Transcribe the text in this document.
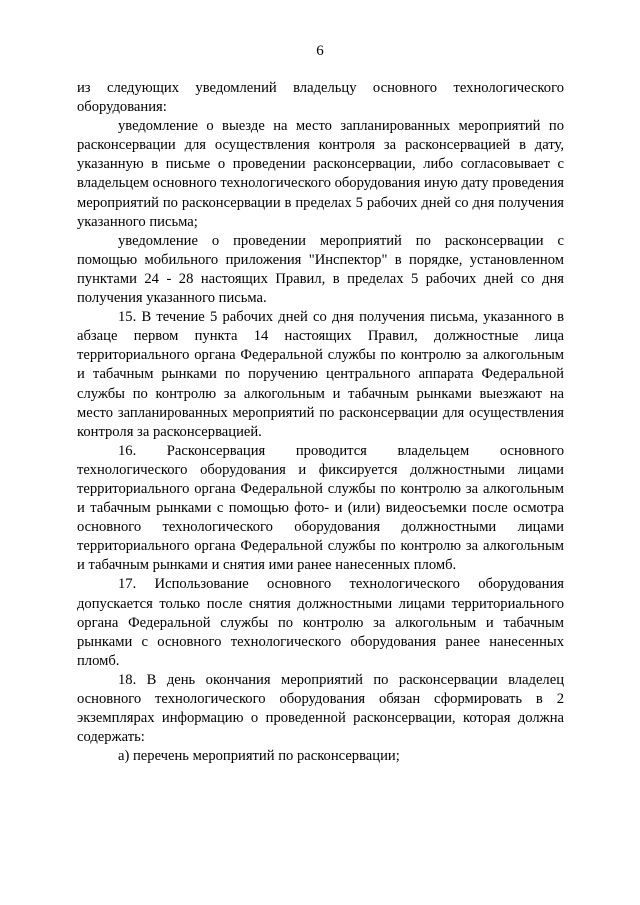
6

из следующих уведомлений владельцу основного технологического оборудования:

уведомление о выезде на место запланированных мероприятий по расконсервации для осуществления контроля за расконсервацией в дату, указанную в письме о проведении расконсервации, либо согласовывает с владельцем основного технологического оборудования иную дату проведения мероприятий по расконсервации в пределах 5 рабочих дней со дня получения указанного письма;

уведомление о проведении мероприятий по расконсервации с помощью мобильного приложения "Инспектор" в порядке, установленном пунктами 24 - 28 настоящих Правил, в пределах 5 рабочих дней со дня получения указанного письма.

15. В течение 5 рабочих дней со дня получения письма, указанного в абзаце первом пункта 14 настоящих Правил, должностные лица территориального органа Федеральной службы по контролю за алкогольным и табачным рынками по поручению центрального аппарата Федеральной службы по контролю за алкогольным и табачным рынками выезжают на место запланированных мероприятий по расконсервации для осуществления контроля за расконсервацией.

16. Расконсервация проводится владельцем основного технологического оборудования и фиксируется должностными лицами территориального органа Федеральной службы по контролю за алкогольным и табачным рынками с помощью фото- и (или) видеосъемки после осмотра основного технологического оборудования должностными лицами территориального органа Федеральной службы по контролю за алкогольным и табачным рынками и снятия ими ранее нанесенных пломб.

17. Использование основного технологического оборудования допускается только после снятия должностными лицами территориального органа Федеральной службы по контролю за алкогольным и табачным рынками с основного технологического оборудования ранее нанесенных пломб.

18. В день окончания мероприятий по расконсервации владелец основного технологического оборудования обязан сформировать в 2 экземплярах информацию о проведенной расконсервации, которая должна содержать:

а) перечень мероприятий по расконсервации;
